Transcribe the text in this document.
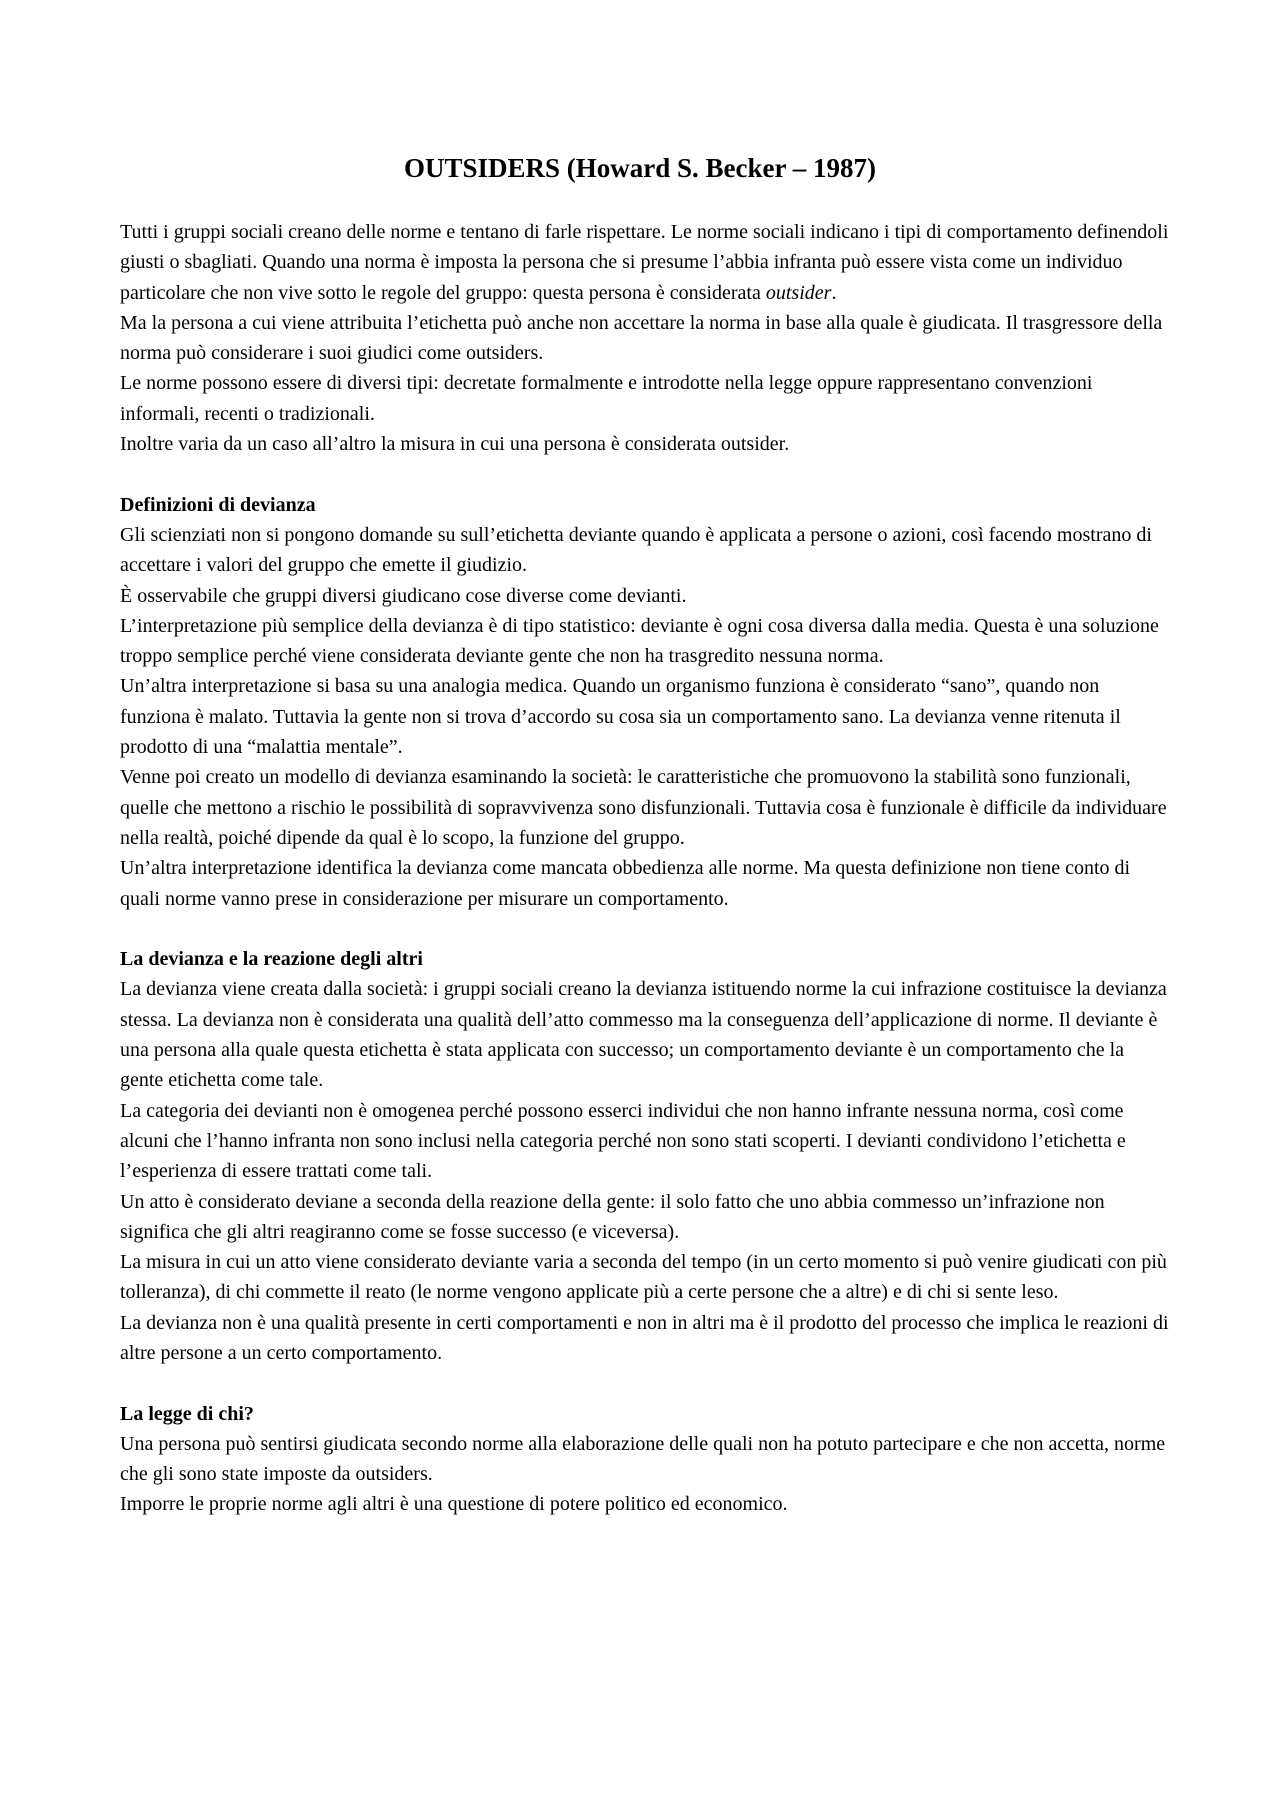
OUTSIDERS (Howard S. Becker – 1987)

Tutti i gruppi sociali creano delle norme e tentano di farle rispettare. Le norme sociali indicano i tipi di comportamento definendoli giusti o sbagliati. Quando una norma è imposta la persona che si presume l’abbia infranta può essere vista come un individuo particolare che non vive sotto le regole del gruppo: questa persona è considerata outsider.

Ma la persona a cui viene attribuita l’etichetta può anche non accettare la norma in base alla quale è giudicata. Il trasgressore della norma può considerare i suoi giudici come outsiders.

Le norme possono essere di diversi tipi: decretate formalmente e introdotte nella legge oppure rappresentano convenzioni informali, recenti o tradizionali.

Inoltre varia da un caso all’altro la misura in cui una persona è considerata outsider.

Definizioni di devianza

Gli scienziati non si pongono domande su sull’etichetta deviante quando è applicata a persone o azioni, così facendo mostrano di accettare i valori del gruppo che emette il giudizio.

È osservabile che gruppi diversi giudicano cose diverse come devianti.

L’interpretazione più semplice della devianza è di tipo statistico: deviante è ogni cosa diversa dalla media. Questa è una soluzione troppo semplice perché viene considerata deviante gente che non ha trasgredito nessuna norma.

Un’altra interpretazione si basa su una analogia medica. Quando un organismo funziona è considerato “sano”, quando non funziona è malato. Tuttavia la gente non si trova d’accordo su cosa sia un comportamento sano. La devianza venne ritenuta il prodotto di una “malattia mentale”.

Venne poi creato un modello di devianza esaminando la società: le caratteristiche che promuovono la stabilità sono funzionali, quelle che mettono a rischio le possibilità di sopravvivenza sono disfunzionali. Tuttavia cosa è funzionale è difficile da individuare nella realtà, poiché dipende da qual è lo scopo, la funzione del gruppo.

Un’altra interpretazione identifica la devianza come mancata obbedienza alle norme. Ma questa definizione non tiene conto di quali norme vanno prese in considerazione per misurare un comportamento.

La devianza e la reazione degli altri

La devianza viene creata dalla società: i gruppi sociali creano la devianza istituendo norme la cui infrazione costituisce la devianza stessa. La devianza non è considerata una qualità dell’atto commesso ma la conseguenza dell’applicazione di norme. Il deviante è una persona alla quale questa etichetta è stata applicata con successo; un comportamento deviante è un comportamento che la gente etichetta come tale.

La categoria dei devianti non è omogenea perché possono esserci individui che non hanno infrante nessuna norma, così come alcuni che l’hanno infranta non sono inclusi nella categoria perché non sono stati scoperti. I devianti condividono l’etichetta e l’esperienza di essere trattati come tali.

Un atto è considerato deviane a seconda della reazione della gente: il solo fatto che uno abbia commesso un’infrazione non significa che gli altri reagiranno come se fosse successo (e viceversa).

La misura in cui un atto viene considerato deviante varia a seconda del tempo (in un certo momento si può venire giudicati con più tolleranza), di chi commette il reato (le norme vengono applicate più a certe persone che a altre) e di chi si sente leso.

La devianza non è una qualità presente in certi comportamenti e non in altri ma è il prodotto del processo che implica le reazioni di altre persone a un certo comportamento.

La legge di chi?

Una persona può sentirsi giudicata secondo norme alla elaborazione delle quali non ha potuto partecipare e che non accetta, norme che gli sono state imposte da outsiders.

Imporre le proprie norme agli altri è una questione di potere politico ed economico.
